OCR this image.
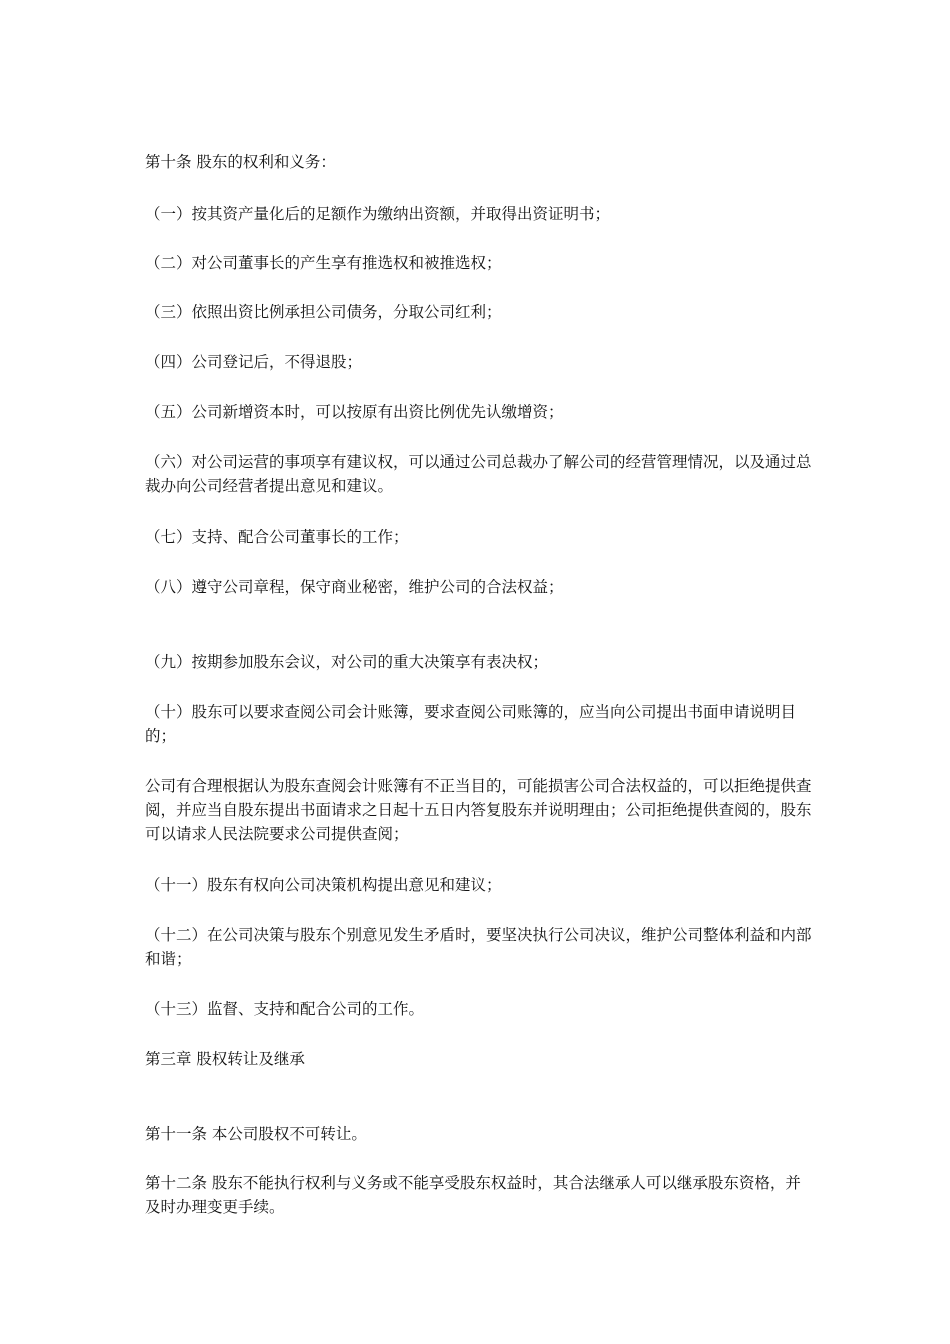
第十条 股东的权利和义务：

（一）按其资产量化后的足额作为缴纳出资额，并取得出资证明书；

（二）对公司董事长的产生享有推选权和被推选权；

（三）依照出资比例承担公司债务，分取公司红利；

（四）公司登记后，不得退股；

（五）公司新增资本时，可以按原有出资比例优先认缴增资；

（六）对公司运营的事项享有建议权，可以通过公司总裁办了解公司的经营管理情况，以及通过总裁办向公司经营者提出意见和建议。

（七）支持、配合公司董事长的工作；

（八）遵守公司章程，保守商业秘密，维护公司的合法权益；

（九）按期参加股东会议，对公司的重大决策享有表决权；

（十）股东可以要求查阅公司会计账簿，要求查阅公司账簿的，应当向公司提出书面申请说明目的；

公司有合理根据认为股东查阅会计账簿有不正当目的，可能损害公司合法权益的，可以拒绝提供查阅，并应当自股东提出书面请求之日起十五日内答复股东并说明理由；公司拒绝提供查阅的，股东可以请求人民法院要求公司提供查阅；

（十一）股东有权向公司决策机构提出意见和建议；

（十二）在公司决策与股东个别意见发生矛盾时，要坚决执行公司决议，维护公司整体利益和内部和谐；

（十三）监督、支持和配合公司的工作。

第三章 股权转让及继承

第十一条 本公司股权不可转让。

第十二条 股东不能执行权利与义务或不能享受股东权益时，其合法继承人可以继承股东资格，并及时办理变更手续。
